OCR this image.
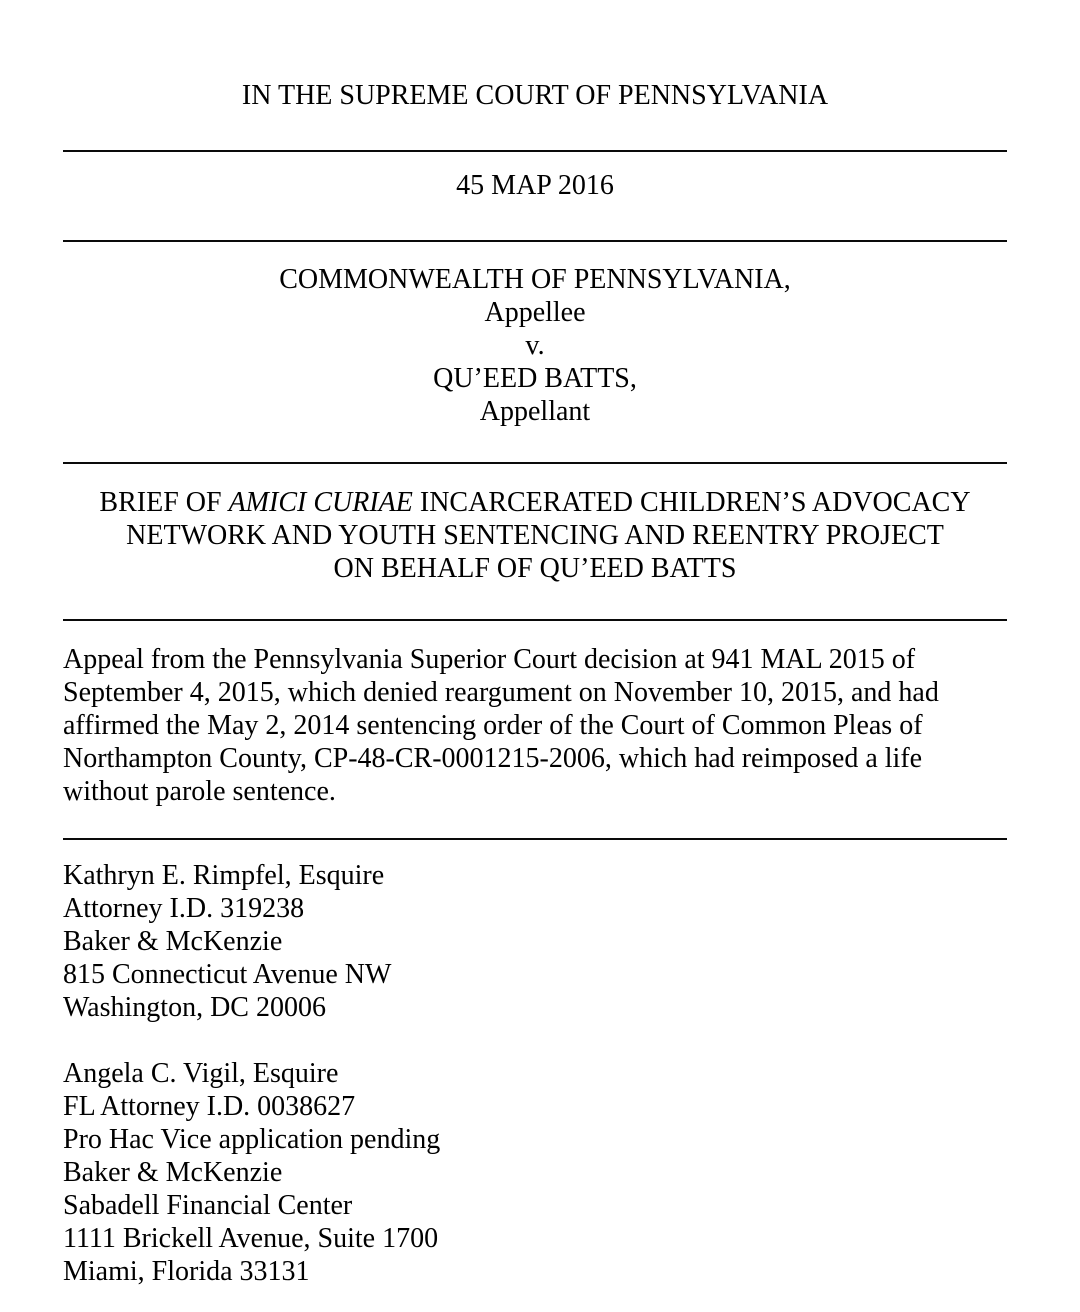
IN THE SUPREME COURT OF PENNSYLVANIA
45 MAP 2016
COMMONWEALTH OF PENNSYLVANIA,
Appellee
v.
QU’EED BATTS,
Appellant
BRIEF OF AMICI CURIAE INCARCERATED CHILDREN’S ADVOCACY
NETWORK AND YOUTH SENTENCING AND REENTRY PROJECT
ON BEHALF OF QU’EED BATTS
Appeal from the Pennsylvania Superior Court decision at 941 MAL 2015 of
September 4, 2015, which denied reargument on November 10, 2015, and had
affirmed the May 2, 2014 sentencing order of the Court of Common Pleas of
Northampton County, CP-48-CR-0001215-2006, which had reimposed a life
without parole sentence.
Kathryn E. Rimpfel, Esquire
Attorney I.D. 319238
Baker & McKenzie
815 Connecticut Avenue NW
Washington, DC 20006
Angela C. Vigil, Esquire
FL Attorney I.D. 0038627
Pro Hac Vice application pending
Baker & McKenzie
Sabadell Financial Center
1111 Brickell Avenue, Suite 1700
Miami, Florida 33131
